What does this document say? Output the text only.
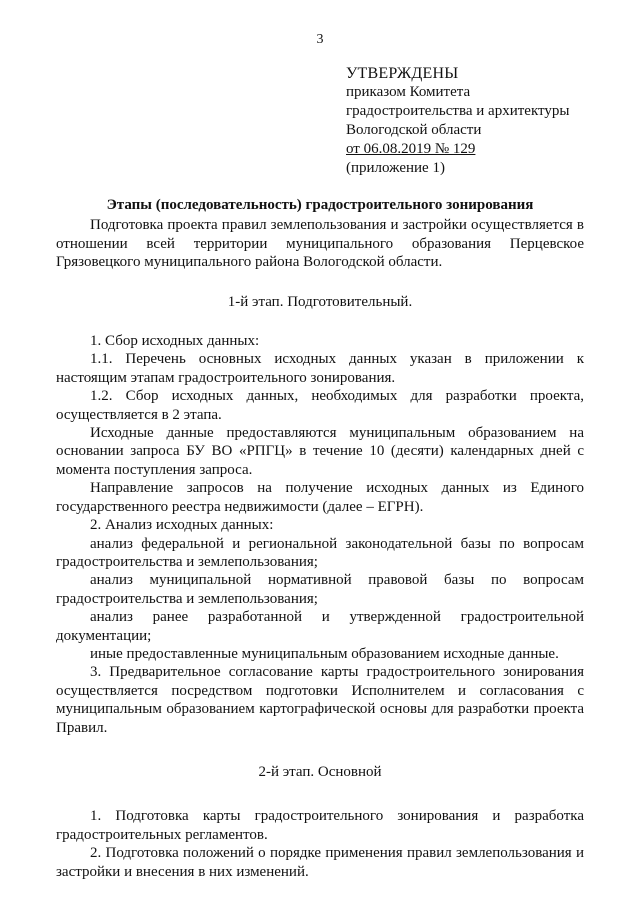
3
УТВЕРЖДЕНЫ
приказом Комитета
градостроительства и архитектуры
Вологодской области
от 06.08.2019 № 129
(приложение 1)

Этапы (последовательность) градостроительного зонирования

Подготовка проекта правил землепользования и застройки осуществляется в отношении всей территории муниципального образования Перцевское Грязовецкого муниципального района Вологодской области.

1-й этап. Подготовительный.

1. Сбор исходных данных:

1.1. Перечень основных исходных данных указан в приложении к настоящим этапам градостроительного зонирования.

1.2. Сбор исходных данных, необходимых для разработки проекта, осуществляется в 2 этапа.

Исходные данные предоставляются муниципальным образованием на основании запроса БУ ВО «РПГЦ» в течение 10 (десяти) календарных дней с момента поступления запроса.

Направление запросов на получение исходных данных из Единого государственного реестра недвижимости (далее – ЕГРН).

2. Анализ исходных данных:

анализ федеральной и региональной законодательной базы по вопросам градостроительства и землепользования;

анализ муниципальной нормативной правовой базы по вопросам градостроительства и землепользования;

анализ ранее разработанной и утвержденной градостроительной документации;

иные предоставленные муниципальным образованием исходные данные.

3. Предварительное согласование карты градостроительного зонирования осуществляется посредством подготовки Исполнителем и согласования с муниципальным образованием картографической основы для разработки проекта Правил.

2-й этап. Основной

1. Подготовка карты градостроительного зонирования и разработка градостроительных регламентов.

2. Подготовка положений о порядке применения правил землепользования и застройки и внесения в них изменений.
